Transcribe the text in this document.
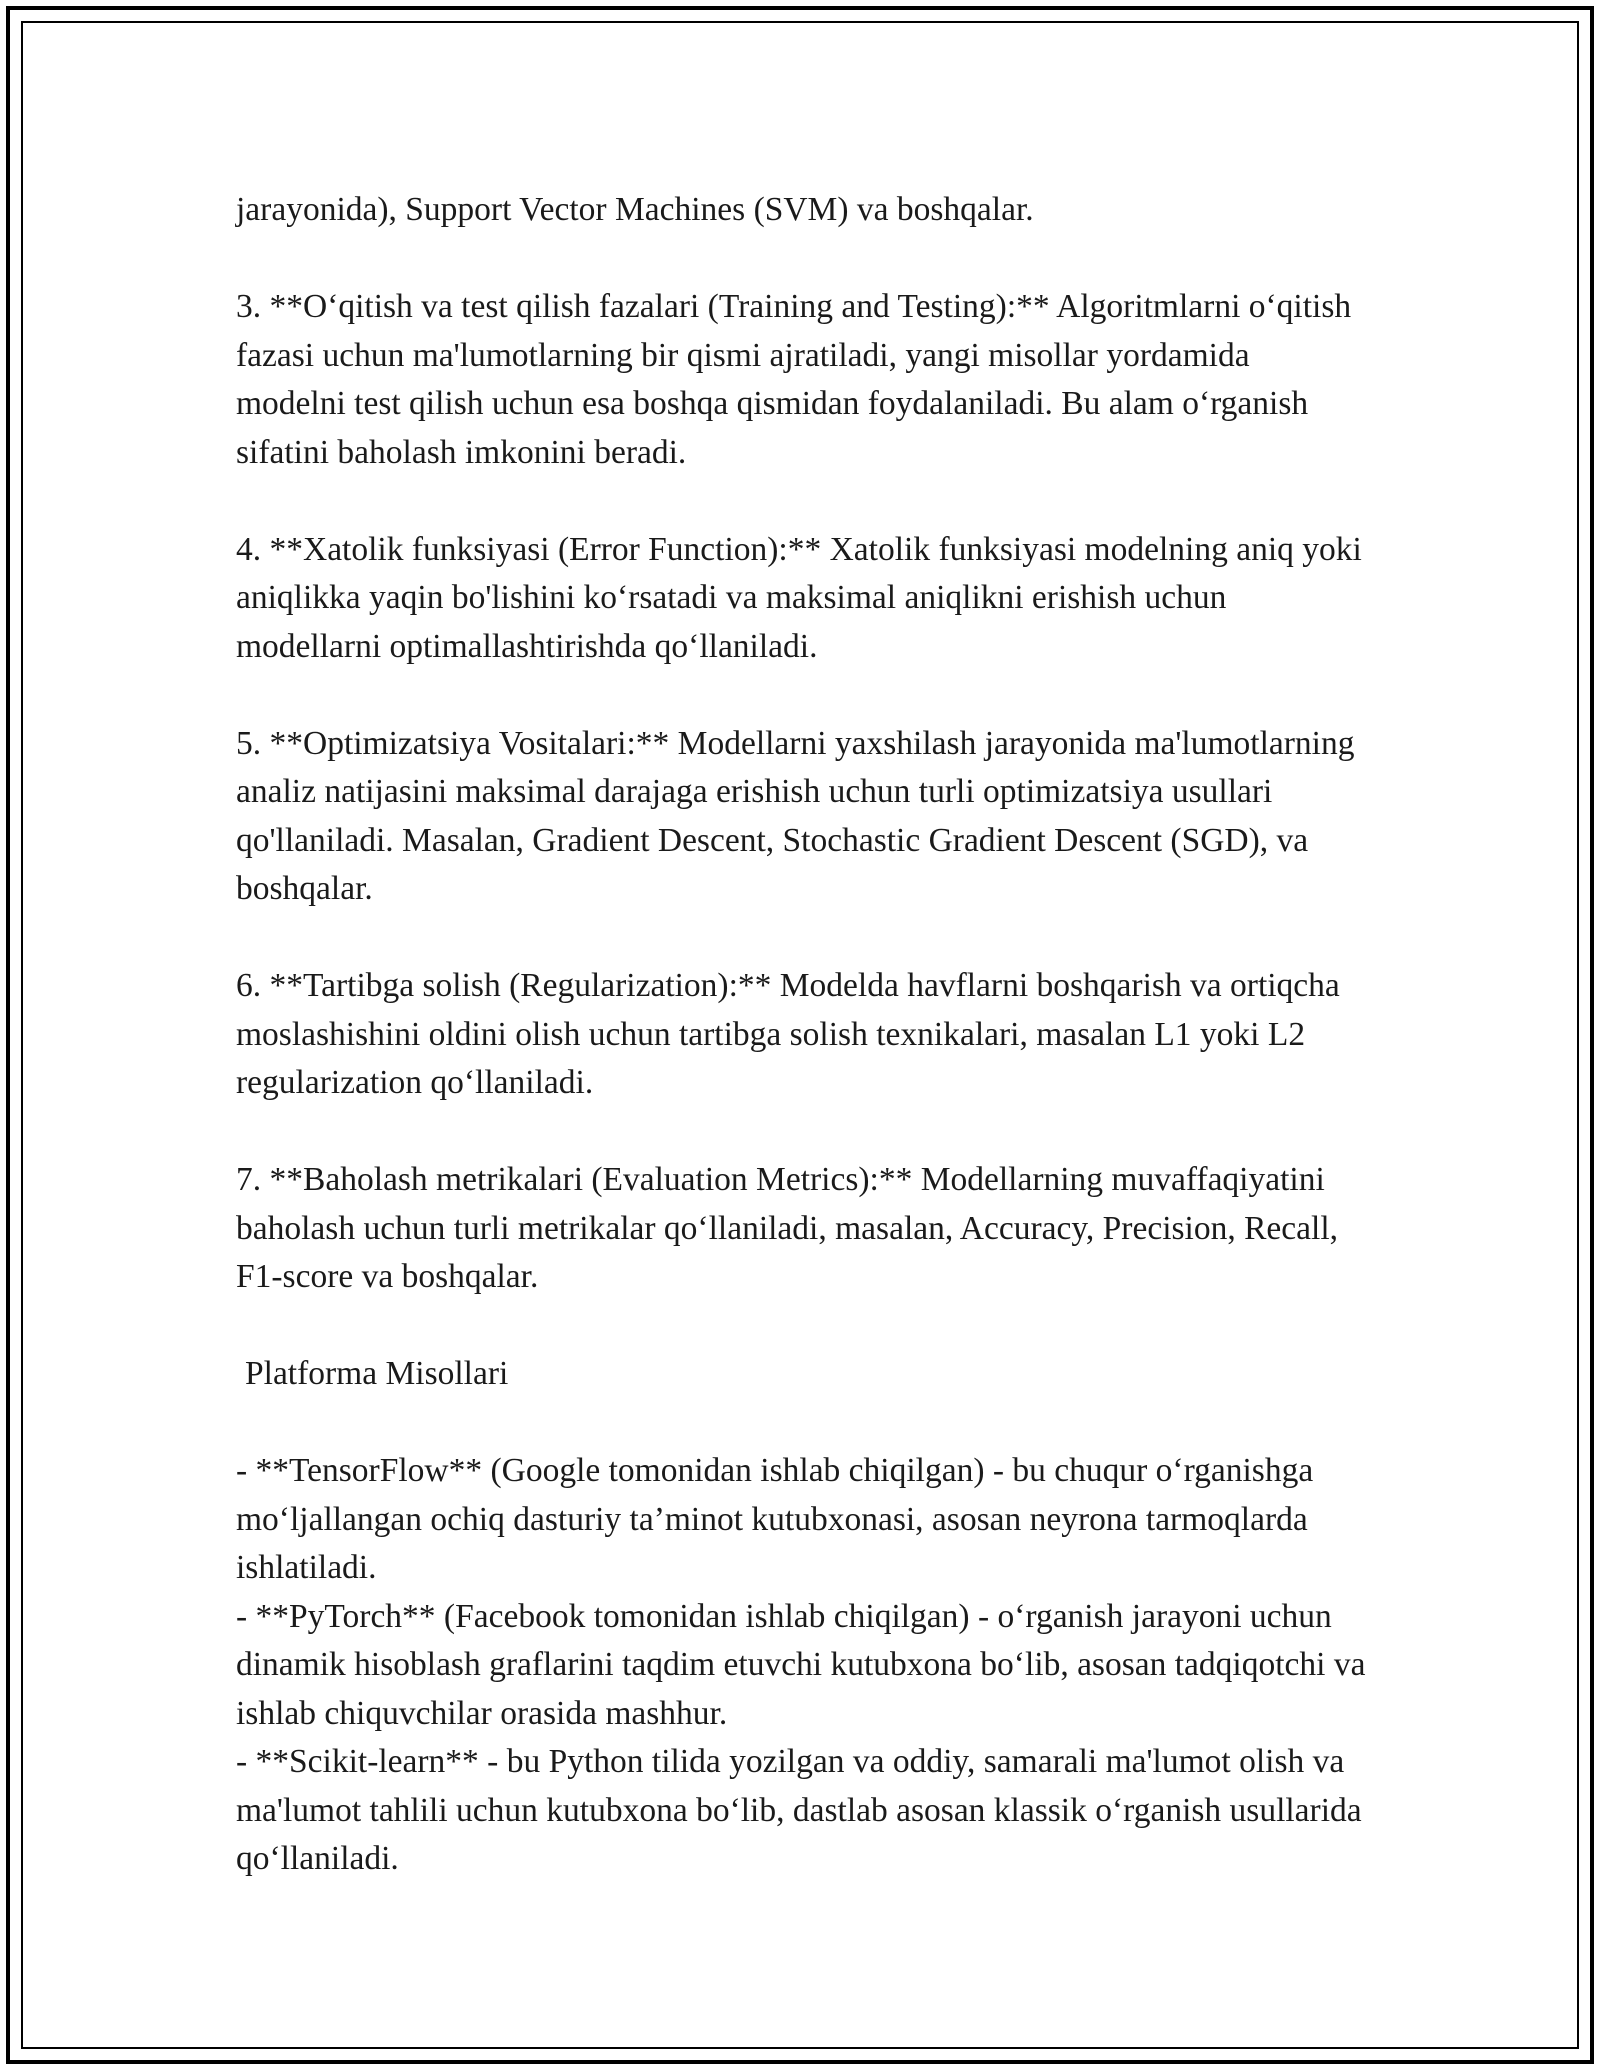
jarayonida), Support Vector Machines (SVM) va boshqalar.

3. **O‘qitish va test qilish fazalari (Training and Testing):** Algoritmlarni o‘qitish fazasi uchun ma'lumotlarning bir qismi ajratiladi, yangi misollar yordamida modelni test qilish uchun esa boshqa qismidan foydalaniladi. Bu alam o‘rganish sifatini baholash imkonini beradi.

4. **Xatolik funksiyasi (Error Function):** Xatolik funksiyasi modelning aniq yoki aniqlikka yaqin bo'lishini ko‘rsatadi va maksimal aniqlikni erishish uchun modellarni optimallashtirishda qo‘llaniladi.

5. **Optimizatsiya Vositalari:** Modellarni yaxshilash jarayonida ma'lumotlarning analiz natijasini maksimal darajaga erishish uchun turli optimizatsiya usullari qo'llaniladi. Masalan, Gradient Descent, Stochastic Gradient Descent (SGD), va boshqalar.

6. **Tartibga solish (Regularization):** Modelda havflarni boshqarish va ortiqcha moslashishini oldini olish uchun tartibga solish texnikalari, masalan L1 yoki L2 regularization qo‘llaniladi.

7. **Baholash metrikalari (Evaluation Metrics):** Modellarning muvaffaqiyatini baholash uchun turli metrikalar qo‘llaniladi, masalan, Accuracy, Precision, Recall, F1-score va boshqalar.

Platforma Misollari

- **TensorFlow** (Google tomonidan ishlab chiqilgan) - bu chuqur o‘rganishga mo‘ljallangan ochiq dasturiy ta’minot kutubxonasi, asosan neyrona tarmoqlarda ishlatiladi.

- **PyTorch** (Facebook tomonidan ishlab chiqilgan) - o‘rganish jarayoni uchun dinamik hisoblash graflarini taqdim etuvchi kutubxona bo‘lib, asosan tadqiqotchi va ishlab chiquvchilar orasida mashhur.

- **Scikit-learn** - bu Python tilida yozilgan va oddiy, samarali ma'lumot olish va ma'lumot tahlili uchun kutubxona bo‘lib, dastlab asosan klassik o‘rganish usullarida qo‘llaniladi.
